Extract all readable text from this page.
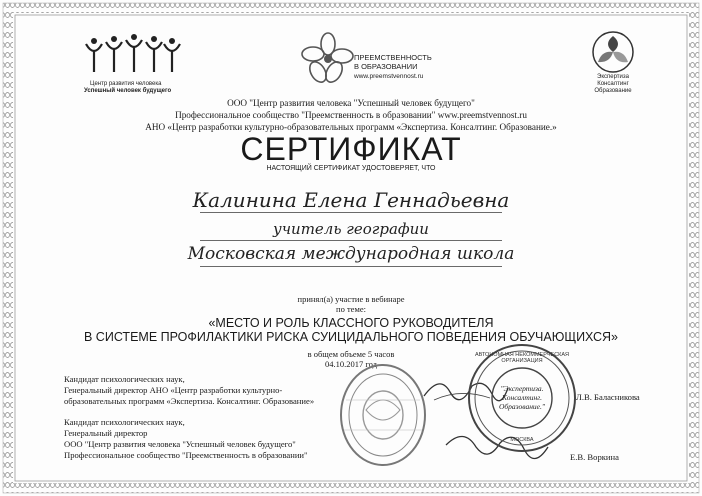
Центр развития человека
Успешный человек будущего
ПРЕЕМСТВЕННОСТЬ
В ОБРАЗОВАНИИ
www.preemstvennost.ru	Экспертиза
Консалтинг
Образование
ООО "Центр развития человека "Успешный человек будущего"
Профессиональное сообщество "Преемственность в образовании" www.preemstvennost.ru
АНО «Центр разработки культурно-образовательных программ «Экспертиза. Консалтинг. Образование.»
СЕРТИФИКАТ
НАСТОЯЩИЙ СЕРТИФИКАТ УДОСТОВЕРЯЕТ, ЧТО
Калинина Елена Геннадьевна
учитель географии
Московская международная школа
принял(а) участие в вебинаре
по теме:
«МЕСТО И РОЛЬ КЛАССНОГО РУКОВОДИТЕЛЯ
В СИСТЕМЕ ПРОФИЛАКТИКИ РИСКА СУИЦИДАЛЬНОГО ПОВЕДЕНИЯ ОБУЧАЮЩИХСЯ»
в общем объеме 5 часов
04.10.2017 год
Кандидат психологических наук,
Генеральный директор АНО «Центр разработки культурно-
образовательных программ «Экспертиза. Консалтинг. Образование»
Кандидат психологических наук,
Генеральный директор
ООО "Центр развития человека "Успешный человек будущего"
Профессиональное сообщество "Преемственность в образовании"
АВТОНОМНАЯ НЕКОММЕРЧЕСКАЯ ОРГАНИЗАЦИЯ
"Экспертиза.
Консалтинг.
Образование."
МОСКВА
Л.В. Баласникова
Е.В. Воркина
